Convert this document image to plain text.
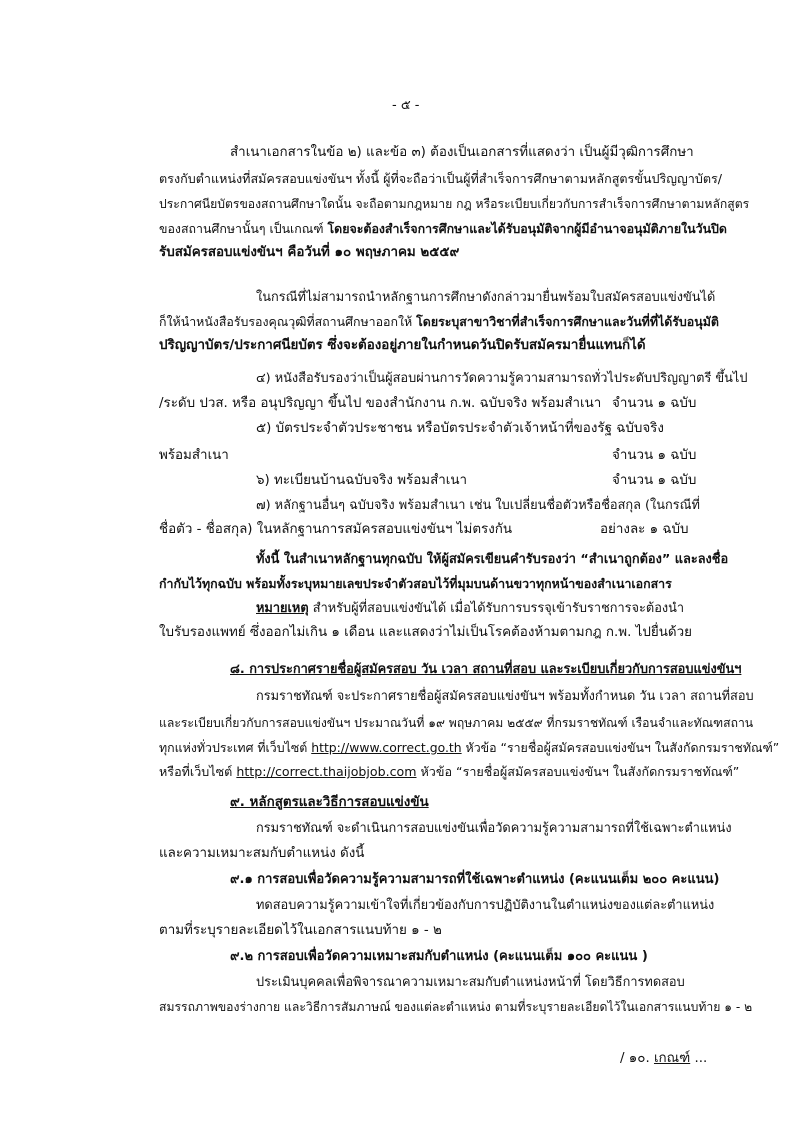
- ๕ -
สำเนาเอกสารในข้อ ๒) และข้อ ๓) ต้องเป็นเอกสารที่แสดงว่า เป็นผู้มีวุฒิการศึกษา
ตรงกับตำแหน่งที่สมัครสอบแข่งขันฯ ทั้งนี้ ผู้ที่จะถือว่าเป็นผู้ที่สำเร็จการศึกษาตามหลักสูตรขั้นปริญญาบัตร/
ประกาศนียบัตรของสถานศึกษาใดนั้น จะถือตามกฎหมาย กฎ หรือระเบียบเกี่ยวกับการสำเร็จการศึกษาตามหลักสูตร
ของสถานศึกษานั้นๆ เป็นเกณฑ์ โดยจะต้องสำเร็จการศึกษาและได้รับอนุมัติจากผู้มีอำนาจอนุมัติภายในวันปิด
รับสมัครสอบแข่งขันฯ คือวันที่ ๑๐ พฤษภาคม ๒๕๕๙
ในกรณีที่ไม่สามารถนำหลักฐานการศึกษาดังกล่าวมายื่นพร้อมใบสมัครสอบแข่งขันได้
ก็ให้นำหนังสือรับรองคุณวุฒิที่สถานศึกษาออกให้ โดยระบุสาขาวิชาที่สำเร็จการศึกษาและวันที่ที่ได้รับอนุมัติ
ปริญญาบัตร/ประกาศนียบัตร ซึ่งจะต้องอยู่ภายในกำหนดวันปิดรับสมัครมายื่นแทนก็ได้
๔) หนังสือรับรองว่าเป็นผู้สอบผ่านการวัดความรู้ความสามารถทั่วไประดับปริญญาตรี ขึ้นไป
/ระดับ ปวส. หรือ อนุปริญญา ขึ้นไป ของสำนักงาน ก.พ. ฉบับจริง พร้อมสำเนา จำนวน ๑ ฉบับ
๕) บัตรประจำตัวประชาชน หรือบัตรประจำตัวเจ้าหน้าที่ของรัฐ ฉบับจริง
พร้อมสำเนา	จำนวน ๑ ฉบับ
๖) ทะเบียนบ้านฉบับจริง พร้อมสำเนา	จำนวน ๑ ฉบับ
๗) หลักฐานอื่นๆ ฉบับจริง พร้อมสำเนา เช่น ใบเปลี่ยนชื่อตัวหรือชื่อสกุล (ในกรณีที่
ชื่อตัว - ชื่อสกุล) ในหลักฐานการสมัครสอบแข่งขันฯ ไม่ตรงกัน	อย่างละ ๑ ฉบับ
ทั้งนี้ ในสำเนาหลักฐานทุกฉบับ ให้ผู้สมัครเขียนคำรับรองว่า “สำเนาถูกต้อง” และลงชื่อ
กำกับไว้ทุกฉบับ พร้อมทั้งระบุหมายเลขประจำตัวสอบไว้ที่มุมบนด้านขวาทุกหน้าของสำเนาเอกสาร
หมายเหตุ สำหรับผู้ที่สอบแข่งขันได้ เมื่อได้รับการบรรจุเข้ารับราชการจะต้องนำ
ใบรับรองแพทย์ ซึ่งออกไม่เกิน ๑ เดือน และแสดงว่าไม่เป็นโรคต้องห้ามตามกฎ ก.พ. ไปยื่นด้วย
๘. การประกาศรายชื่อผู้สมัครสอบ วัน เวลา สถานที่สอบ และระเบียบเกี่ยวกับการสอบแข่งขันฯ
กรมราชทัณฑ์ จะประกาศรายชื่อผู้สมัครสอบแข่งขันฯ พร้อมทั้งกำหนด วัน เวลา สถานที่สอบ
และระเบียบเกี่ยวกับการสอบแข่งขันฯ ประมาณวันที่ ๑๙ พฤษภาคม ๒๕๕๙ ที่กรมราชทัณฑ์ เรือนจำและทัณฑสถาน
ทุกแห่งทั่วประเทศ ที่เว็บไซต์ http://www.correct.go.th หัวข้อ “รายชื่อผู้สมัครสอบแข่งขันฯ ในสังกัดกรมราชทัณฑ์”
หรือที่เว็บไซต์ http://correct.thaijobjob.com หัวข้อ “รายชื่อผู้สมัครสอบแข่งขันฯ ในสังกัดกรมราชทัณฑ์”
๙. หลักสูตรและวิธีการสอบแข่งขัน
กรมราชทัณฑ์ จะดำเนินการสอบแข่งขันเพื่อวัดความรู้ความสามารถที่ใช้เฉพาะตำแหน่ง
และความเหมาะสมกับตำแหน่ง ดังนี้
๙.๑ การสอบเพื่อวัดความรู้ความสามารถที่ใช้เฉพาะตำแหน่ง (คะแนนเต็ม ๒๐๐ คะแนน)
ทดสอบความรู้ความเข้าใจที่เกี่ยวข้องกับการปฏิบัติงานในตำแหน่งของแต่ละตำแหน่ง
ตามที่ระบุรายละเอียดไว้ในเอกสารแนบท้าย ๑ - ๒
๙.๒ การสอบเพื่อวัดความเหมาะสมกับตำแหน่ง (คะแนนเต็ม ๑๐๐ คะแนน )
ประเมินบุคคลเพื่อพิจารณาความเหมาะสมกับตำแหน่งหน้าที่ โดยวิธีการทดสอบ
สมรรถภาพของร่างกาย และวิธีการสัมภาษณ์ ของแต่ละตำแหน่ง ตามที่ระบุรายละเอียดไว้ในเอกสารแนบท้าย ๑ - ๒
/ ๑๐. เกณฑ์ ...
